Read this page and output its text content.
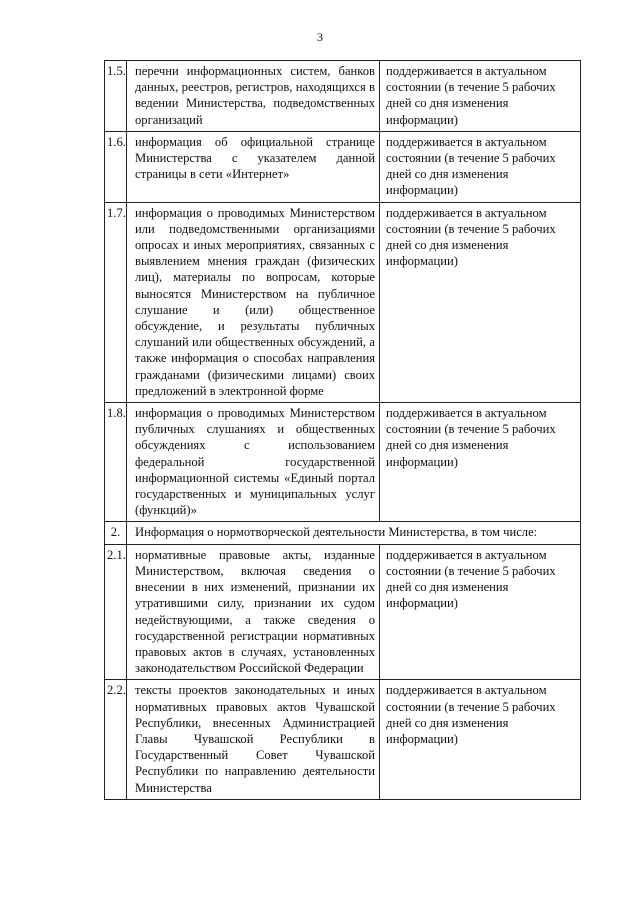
3
1.5.	перечни информационных систем, банков данных, реестров, регистров, находящихся в ведении Министерства, подведомственных организаций	поддерживается в актуальном состоянии (в течение 5 рабочих дней со дня изменения информации)
1.6.	информация об официальной странице Министерства с указателем данной страницы в сети «Интернет»	поддерживается в актуальном состоянии (в течение 5 рабочих дней со дня изменения информации)
1.7.	информация о проводимых Министерством или подведомственными организациями опросах и иных мероприятиях, связанных с выявлением мнения граждан (физических лиц), материалы по вопросам, которые выносятся Министерством на публичное слушание и (или) общественное обсуждение, и результаты публичных слушаний или общественных обсуждений, а также информация о способах направления гражданами (физическими лицами) своих предложений в электронной форме	поддерживается в актуальном состоянии (в течение 5 рабочих дней со дня изменения информации)
1.8.	информация о проводимых Министерством публичных слушаниях и общественных обсуждениях с использованием федеральной государственной информационной системы «Единый портал государственных и муниципальных услуг (функций)»	поддерживается в актуальном состоянии (в течение 5 рабочих дней со дня изменения информации)
2.	Информация о нормотворческой деятельности Министерства, в том числе:	
2.1.	нормативные правовые акты, изданные Министерством, включая сведения о внесении в них изменений, признании их утратившими силу, признании их судом недействующими, а также сведения о государственной регистрации нормативных правовых актов в случаях, установленных законодательством Российской Федерации	поддерживается в актуальном состоянии (в течение 5 рабочих дней со дня изменения информации)
2.2.	тексты проектов законодательных и иных нормативных правовых актов Чувашской Республики, внесенных Администрацией Главы Чувашской Республики в Государственный Совет Чувашской Республики по направлению деятельности Министерства	поддерживается в актуальном состоянии (в течение 5 рабочих дней со дня изменения информации)
